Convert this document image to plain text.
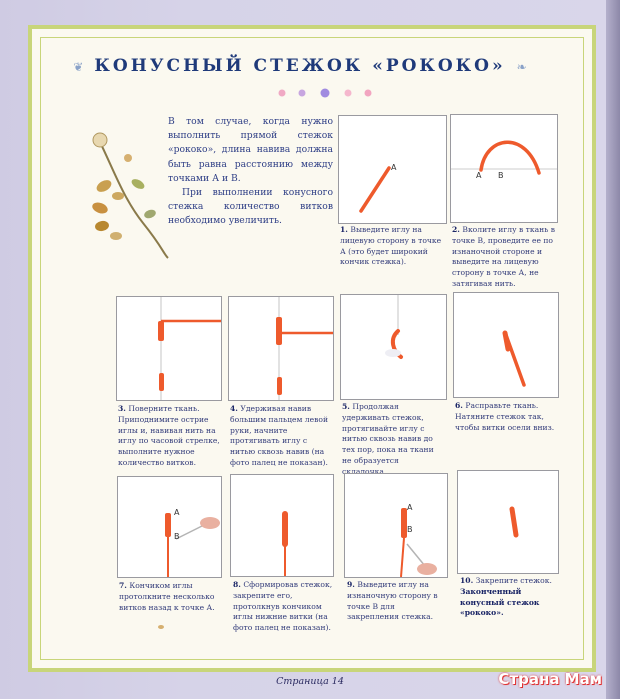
❦ КОНУСНЫЙ СТЕЖОК «РОКОКО» ❧

В том случае, когда нужно выполнить прямой стежок «рококо», длина навива должна быть равна расстоянию между точками А и В.

При выполнении конусного стежка количество витков необходимо увеличить.

A
1. Выведите иглу на лицевую сторону в точке А (это будет широкий кончик стежка).
A B
2. Вколите иглу в ткань в точке В, проведите ее по изнаночной стороне и выведите на лицевую сторону в точке А, не затягивая нить.
3. Поверните ткань. Приподнимите острие иглы и, навивая нить на иглу по часовой стрелке, выполните нужное количество витков.
4. Удерживая навив большим пальцем левой руки, начните протягивать иглу с нитью сквозь навив (на фото палец не показан).
5. Продолжая удерживать стежок, протягивайте иглу с нитью сквозь навив до тех пор, пока на ткани не образуется складочка.
6. Расправьте ткань. Натяните стежок так, чтобы витки осели вниз.
A
B
7. Кончиком иглы протолкните несколько витков назад к точке А.
8. Сформировав стежок, закрепите его, протолкнув кончиком иглы нижние витки (на фото палец не показан).
A
B
9. Выведите иглу на изнаночную сторону в точке В для закрепления стежка.
10. Закрепите стежок. Законченный конусный стежок «рококо».
Страница 14	Страна Мам
